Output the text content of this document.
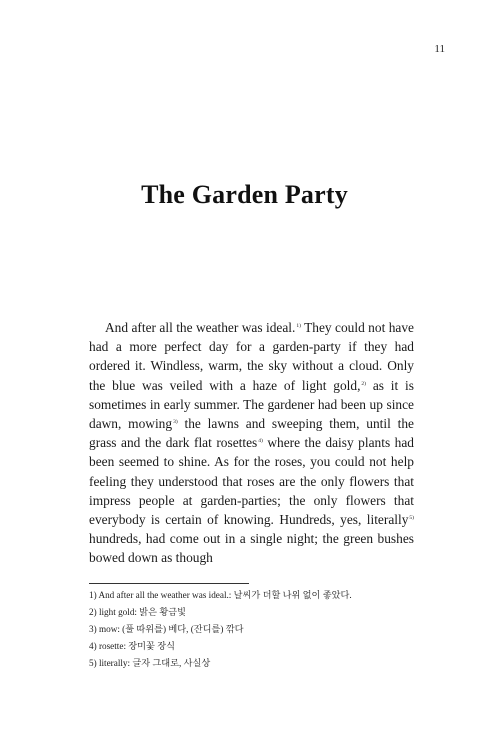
11
The Garden Party

And after all the weather was ideal.$^{1)}$ They could not have had a more perfect day for a garden-party if they had ordered it. Windless, warm, the sky without a cloud. Only the blue was veiled with a haze of light gold,$^{2)}$ as it is sometimes in early summer. The gardener had been up since dawn, mowing$^{3)}$ the lawns and sweeping them, until the grass and the dark flat rosettes$^{4)}$ where the daisy plants had been seemed to shine. As for the roses, you could not help feeling they understood that roses are the only flowers that impress people at garden-parties; the only flowers that everybody is certain of knowing. Hundreds, yes, literally$^{5)}$ hundreds, had come out in a single night; the green bushes bowed down as though

1) And after all the weather was ideal.: 날씨가 더할 나위 없이 좋았다.
2) light gold: 밝은 황금빛
3) mow: (풀 따위를) 베다, (잔디를) 깎다
4) rosette: 장미꽃 장식
5) literally: 글자 그대로, 사실상
